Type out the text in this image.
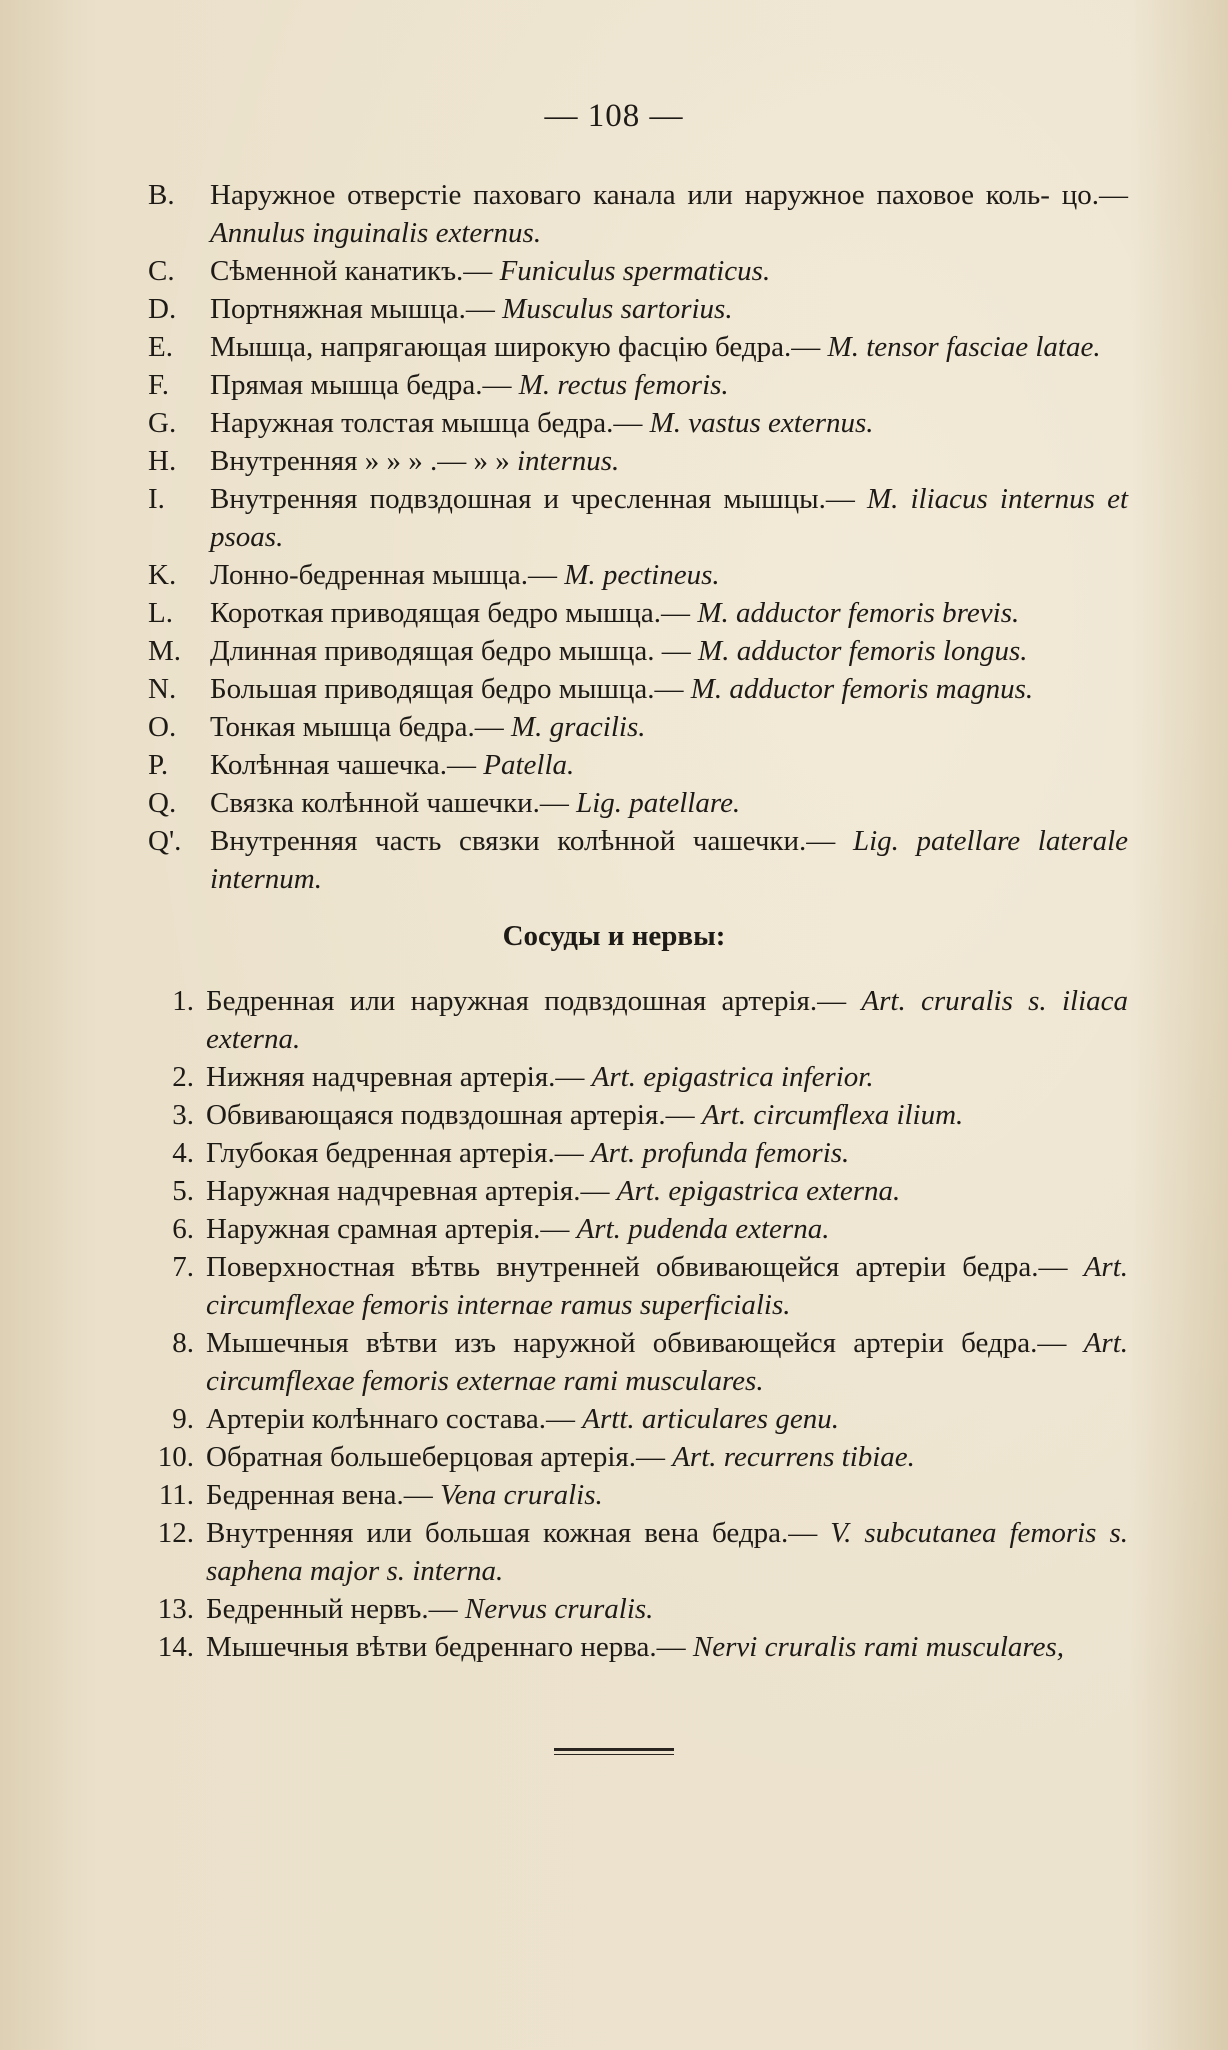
— 108 —
B.	Наружное отверстіе паховаго канала или наружное паховое коль- цо.— Annulus inguinalis externus.
C.	Сѣменной канатикъ.— Funiculus spermaticus.
D.	Портняжная мышца.— Musculus sartorius.
E.	Мышца, напрягающая широкую фасцію бедра.— M. tensor fasciae latae.
F.	Прямая мышца бедра.— M. rectus femoris.
G.	Наружная толстая мышца бедра.— M. vastus externus.
H.	Внутренняя » » » .— » » internus.
I.	Внутренняя подвздошная и чресленная мышцы.— M. iliacus internus et psoas.
K.	Лонно-бедренная мышца.— M. pectineus.
L.	Короткая приводящая бедро мышца.— M. adductor femoris brevis.
M. Длинная приводящая бедро мышца. — M. adductor femoris longus.
N.	Большая приводящая бедро мышца.— M. adductor femoris magnus.
O.	Тонкая мышца бедра.— M. gracilis.
P.	Колѣнная чашечка.— Patella.
Q.	Связка колѣнной чашечки.— Lig. patellare.
Q'. Внутренняя часть связки колѣнной чашечки.— Lig. patellare laterale internum.
Сосуды и нервы:
1. Бедренная или наружная подвздошная артерія.— Art. cruralis s. iliaca externa.
2. Нижняя надчревная артерія.— Art. epigastrica inferior.
3. Обвивающаяся подвздошная артерія.— Art. circumflexa ilium.
4. Глубокая бедренная артерія.— Art. profunda femoris.
5. Наружная надчревная артерія.— Art. epigastrica externa.
6. Наружная срамная артерія.— Art. pudenda externa.
7. Поверхностная вѣтвь внутренней обвивающейся артеріи бедра.— Art. circumflexae femoris internae ramus superficialis.
8. Мышечныя вѣтви изъ наружной обвивающейся артеріи бедра.— Art. circumflexae femoris externae rami musculares.
9. Артеріи колѣннаго состава.— Artt. articulares genu.
10. Обратная большеберцовая артерія.— Art. recurrens tibiae.
11. Бедренная вена.— Vena cruralis.
12. Внутренняя или большая кожная вена бедра.— V. subcutanea femoris s. saphena major s. interna.
13. Бедренный нервъ.— Nervus cruralis.
14. Мышечныя вѣтви бедреннаго нерва.— Nervi cruralis rami musculares,
